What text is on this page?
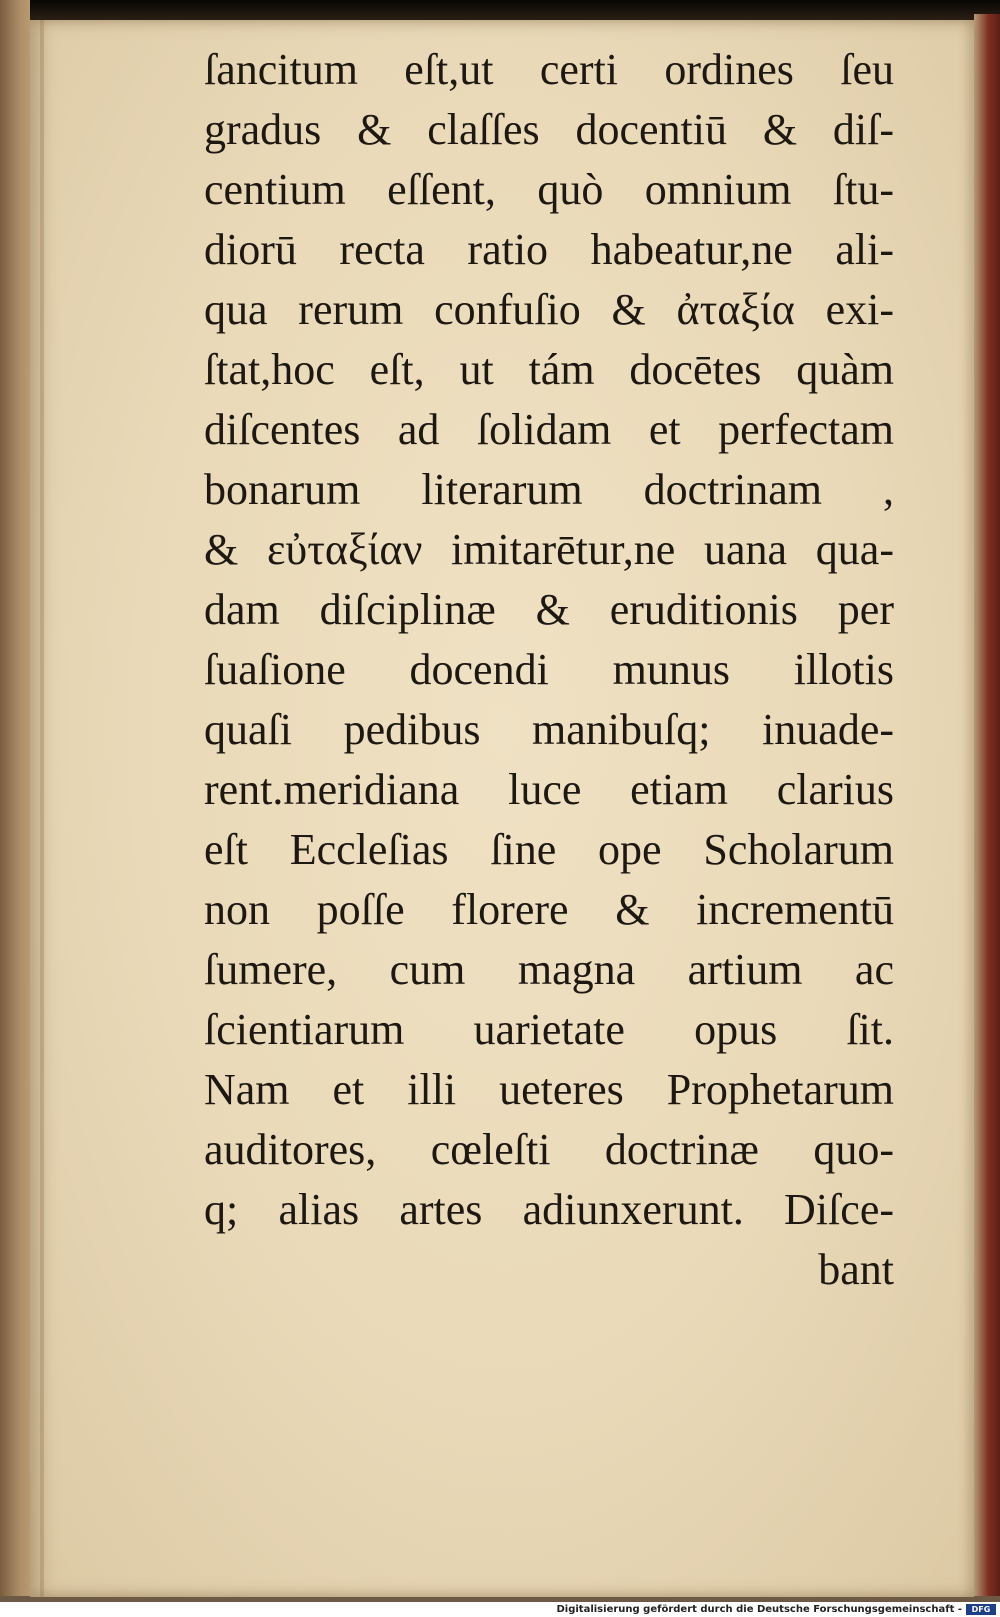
ſancitum eſt,ut certi ordines ſeu
gradus & claſſes docentiū & diſ-
centium eſſent, quò omnium ſtu-
diorū recta ratio habeatur,ne ali-
qua rerum confuſio & ἀταξία exi-
ſtat,hoc eſt, ut tám docētes quàm
diſcentes ad ſolidam et perfectam
bonarum literarum doctrinam ,
& εὐταξίαν imitarētur,ne uana qua-
dam diſciplinæ & eruditionis per
ſuaſione docendi munus illotis
quaſi pedibus manibuſq; inuade-
rent.meridiana luce etiam clarius
eſt Eccleſias ſine ope Scholarum
non poſſe florere & incrementū
ſumere, cum magna artium ac
ſcientiarum uarietate opus ſit.
Nam et illi ueteres Prophetarum
auditores, cœleſti doctrinæ quo-
q; alias artes adiunxerunt. Diſce-
bant
Digitalisierung gefördert durch die Deutsche Forschungsgemeinschaft -	DFG
